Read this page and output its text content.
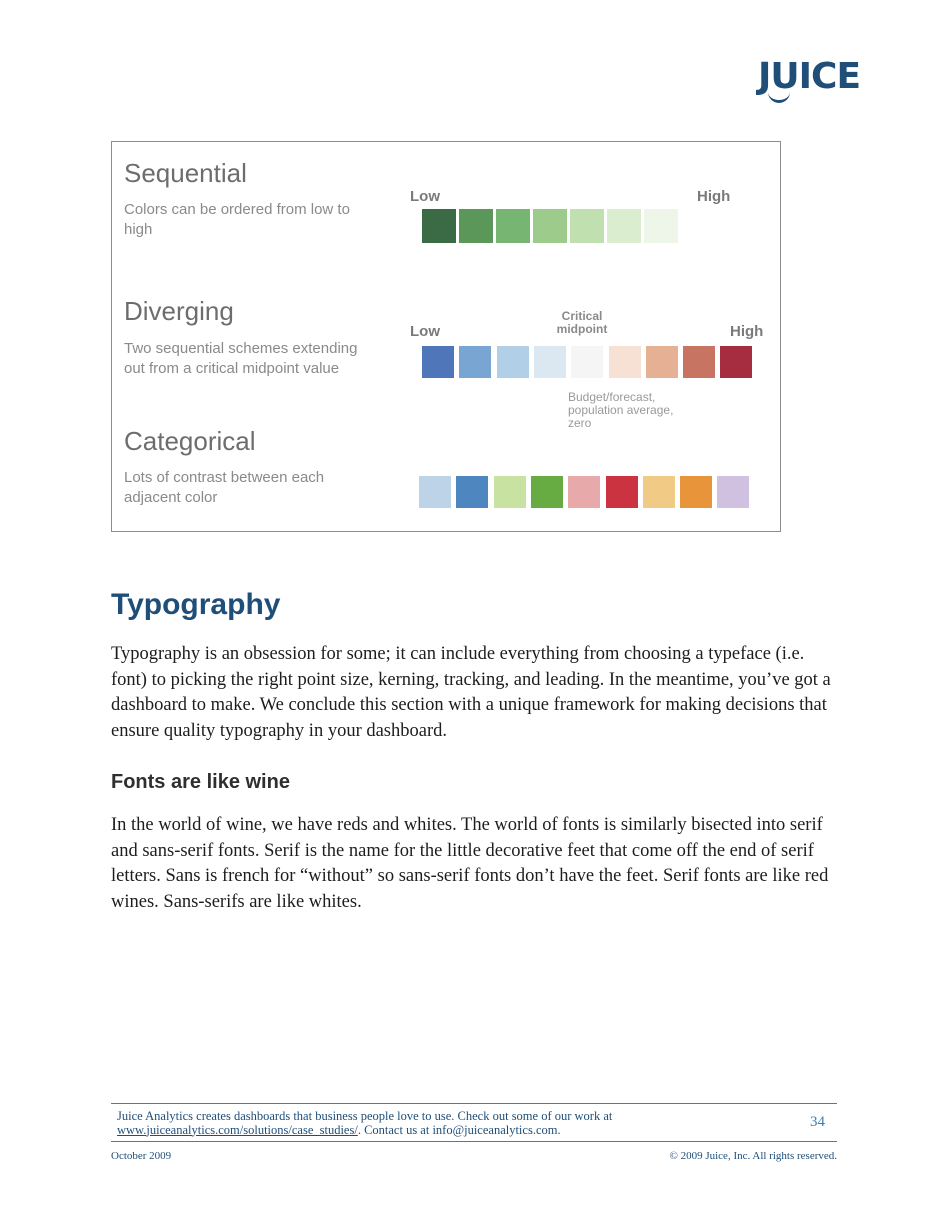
JUICE
Sequential
Colors can be ordered from low to high
Low	High
Diverging
Two sequential schemes extending out from a critical midpoint value
Low	High
Critical midpoint
Budget/forecast, population average, zero
Categorical
Lots of contrast between each adjacent color
Typography

Typography is an obsession for some; it can include everything from choosing a typeface (i.e. font) to picking the right point size, kerning, tracking, and leading. In the meantime, you’ve got a dashboard to make. We conclude this section with a unique framework for making decisions that ensure quality typography in your dashboard.

Fonts are like wine

In the world of wine, we have reds and whites. The world of fonts is similarly bisected into serif and sans-serif fonts. Serif is the name for the little decorative feet that come off the end of serif letters. Sans is french for “without” so sans-serif fonts don’t have the feet. Serif fonts are like red wines. Sans-serifs are like whites.

Juice Analytics creates dashboards that business people love to use. Check out some of our work at www.juiceanalytics.com/solutions/case_studies/. Contact us at info@juiceanalytics.com.	34
October 2009	© 2009 Juice, Inc. All rights reserved.
